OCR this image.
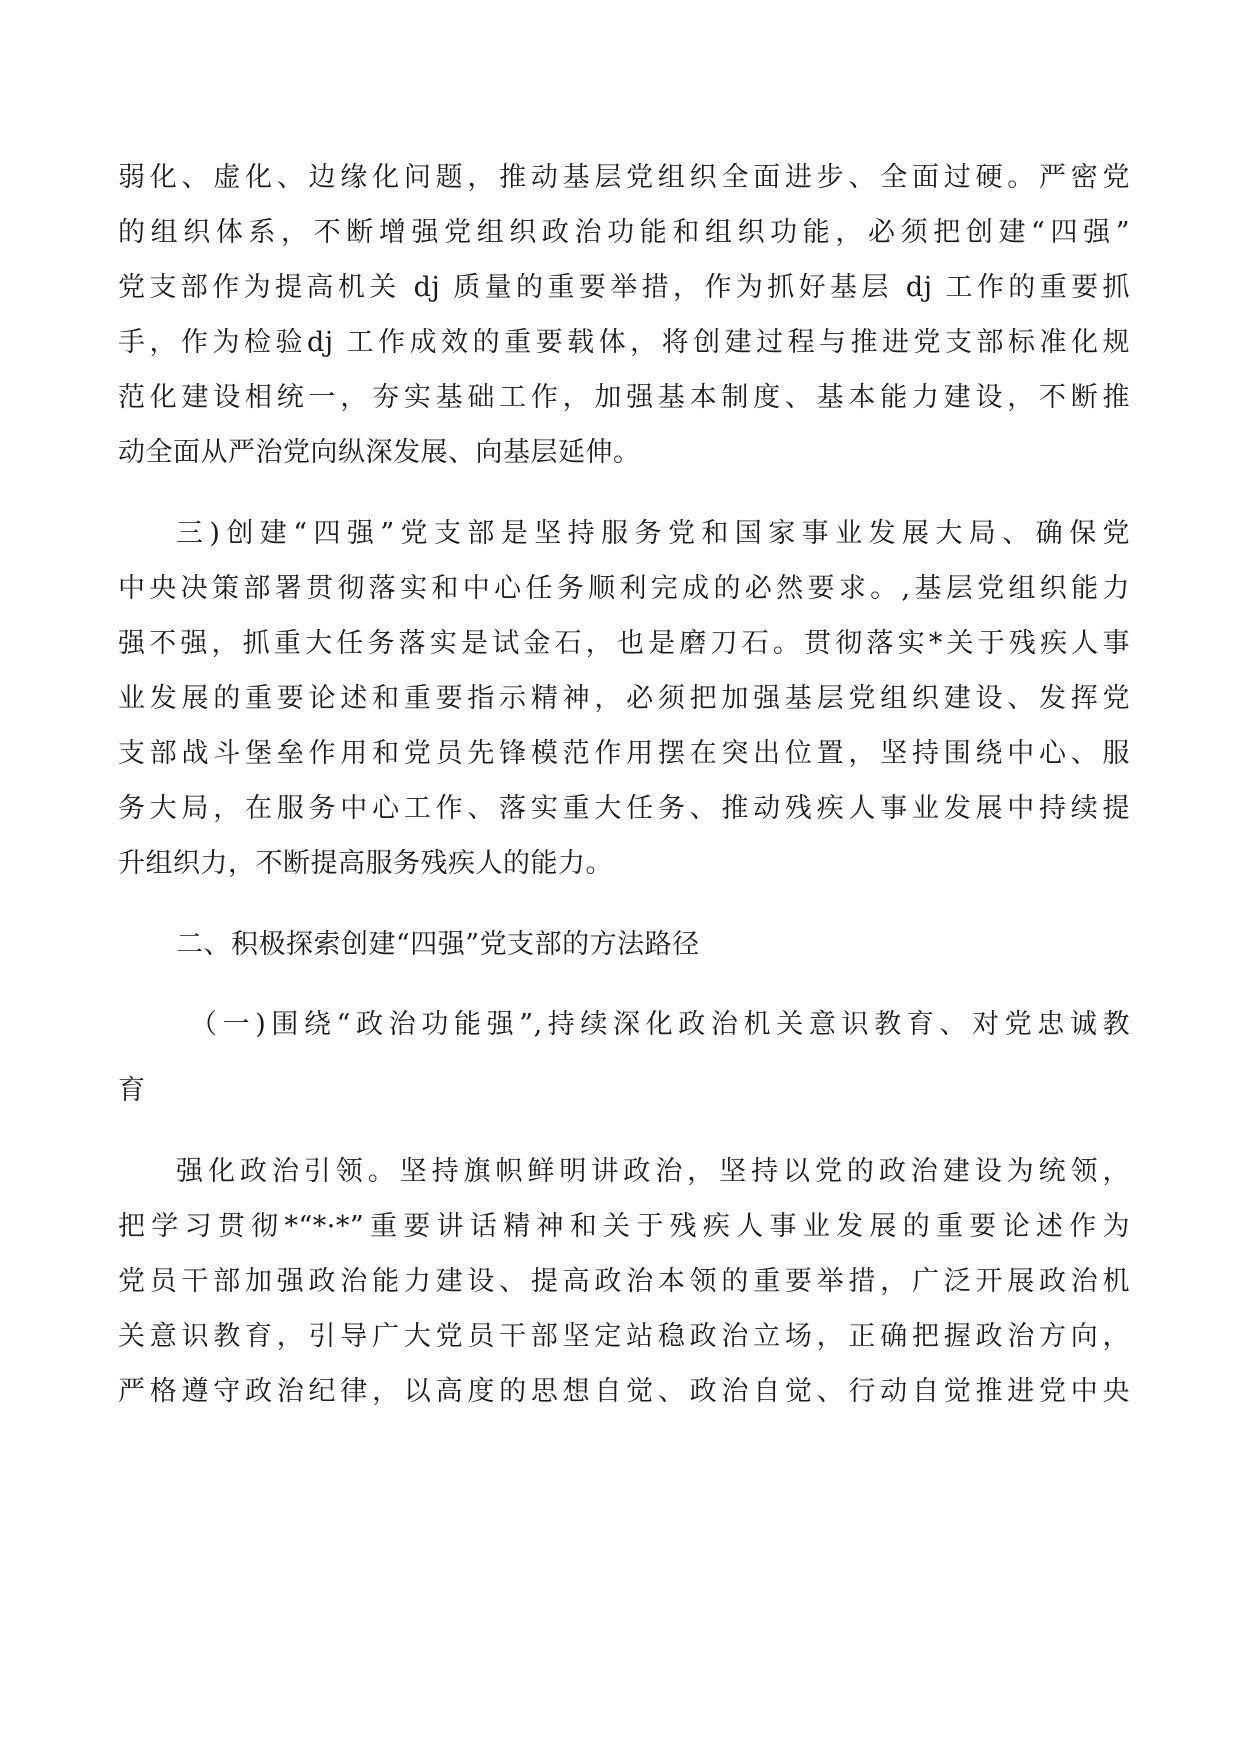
弱化、虚化、边缘化问题，推动基层党组织全面进步、全面过硬。严密党
的组织体系，不断增强党组织政治功能和组织功能，必须把创建“四强”
党支部作为提高机关 dj 质量的重要举措，作为抓好基层 dj 工作的重要抓
手，作为检验dj 工作成效的重要载体，将创建过程与推进党支部标准化规
范化建设相统一，夯实基础工作，加强基本制度、基本能力建设，不断推
动全面从严治党向纵深发展、向基层延伸。
三)创建“四强”党支部是坚持服务党和国家事业发展大局、确保党
中央决策部署贯彻落实和中心任务顺利完成的必然要求。,基层党组织能力
强不强，抓重大任务落实是试金石，也是磨刀石。贯彻落实*关于残疾人事
业发展的重要论述和重要指示精神，必须把加强基层党组织建设、发挥党
支部战斗堡垒作用和党员先锋模范作用摆在突出位置，坚持围绕中心、服
务大局，在服务中心工作、落实重大任务、推动残疾人事业发展中持续提
升组织力，不断提高服务残疾人的能力。
二、积极探索创建“四强”党支部的方法路径
（一)围绕“政治功能强”,持续深化政治机关意识教育、对党忠诚教
育
强化政治引领。坚持旗帜鲜明讲政治，坚持以党的政治建设为统领，
把学习贯彻*“*·*”重要讲话精神和关于残疾人事业发展的重要论述作为
党员干部加强政治能力建设、提高政治本领的重要举措，广泛开展政治机
关意识教育，引导广大党员干部坚定站稳政治立场，正确把握政治方向，
严格遵守政治纪律，以高度的思想自觉、政治自觉、行动自觉推进党中央
